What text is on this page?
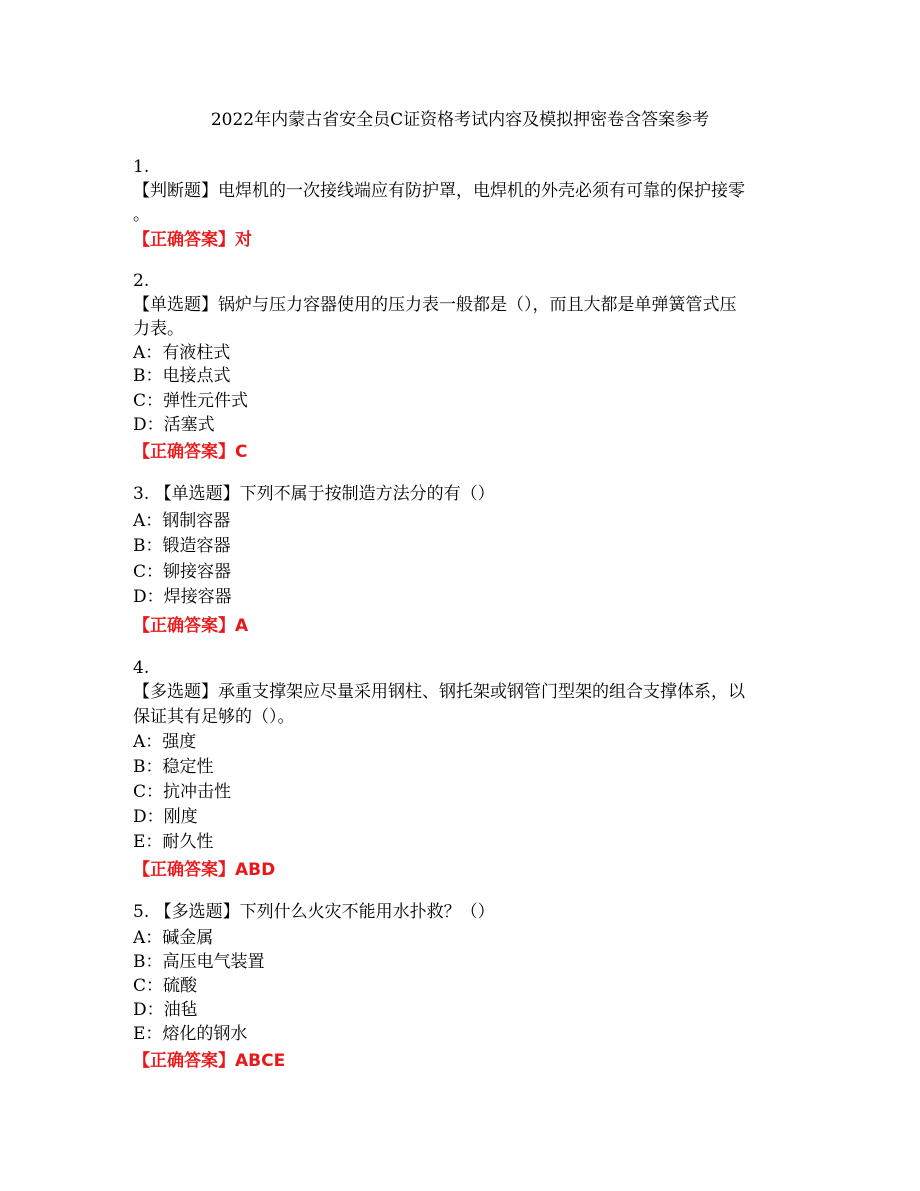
2022年内蒙古省安全员C证资格考试内容及模拟押密卷含答案参考
1.
【判断题】电焊机的一次接线端应有防护罩，电焊机的外壳必须有可靠的保护接零
。
【正确答案】对
2.
【单选题】锅炉与压力容器使用的压力表一般都是（），而且大都是单弹簧管式压
力表。
A：有液柱式
B：电接点式
C：弹性元件式
D：活塞式
【正确答案】C
3. 【单选题】下列不属于按制造方法分的有（）
A：钢制容器
B：锻造容器
C：铆接容器
D：焊接容器
【正确答案】A
4.
【多选题】承重支撑架应尽量采用钢柱、钢托架或钢管门型架的组合支撑体系，以
保证其有足够的（）。
A：强度
B：稳定性
C：抗冲击性
D：刚度
E：耐久性
【正确答案】ABD
5. 【多选题】下列什么火灾不能用水扑救？（）
A：碱金属
B：高压电气装置
C：硫酸
D：油毡
E：熔化的钢水
【正确答案】ABCE
